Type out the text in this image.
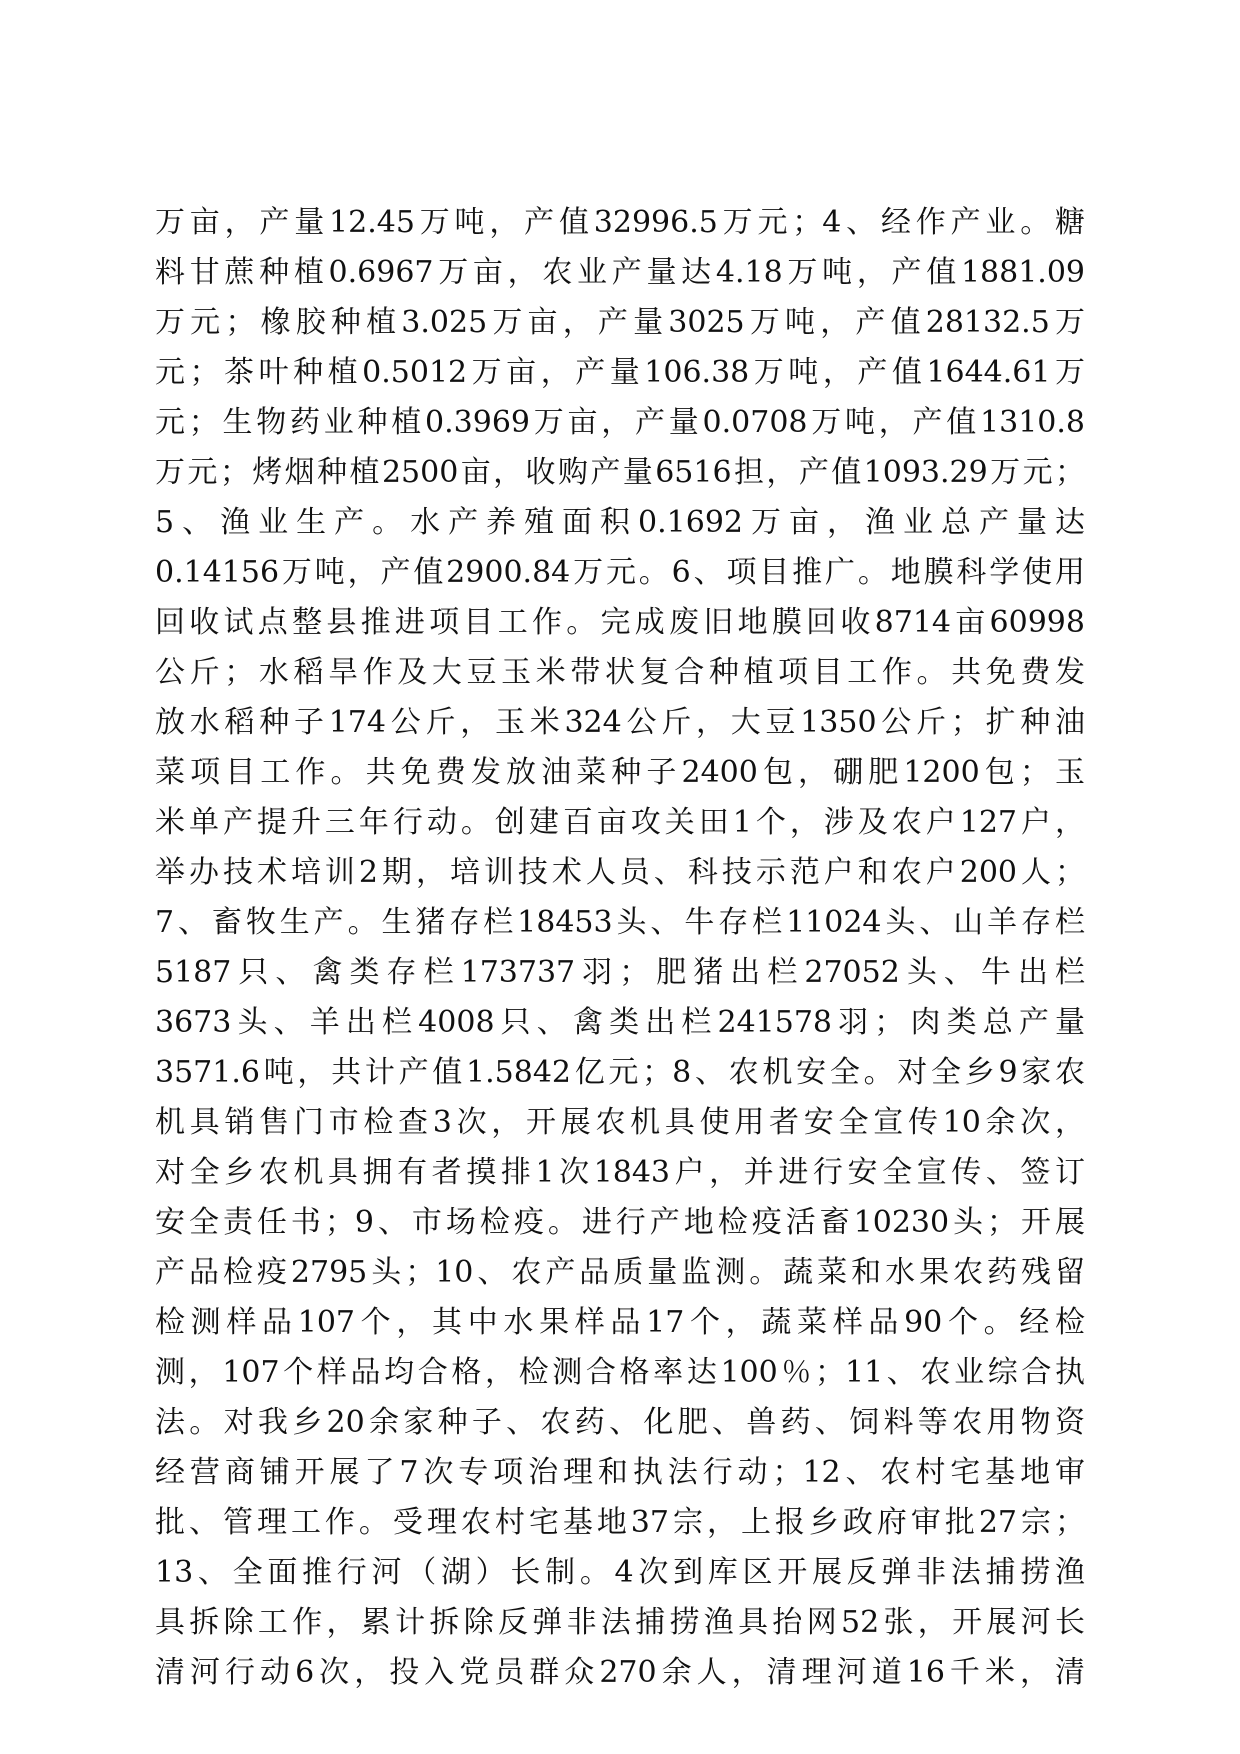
万亩，产量12.45万吨，产值32996.5万元；4、经作产业。糖
料甘蔗种植0.6967万亩，农业产量达4.18万吨，产值1881.09
万元；橡胶种植3.025万亩，产量3025万吨，产值28132.5万
元；茶叶种植0.5012万亩，产量106.38万吨，产值1644.61万
元；生物药业种植0.3969万亩，产量0.0708万吨，产值1310.8
万元；烤烟种植2500亩，收购产量6516担，产值1093.29万元；
5、渔业生产。水产养殖面积0.1692万亩，渔业总产量达
0.14156万吨，产值2900.84万元。6、项目推广。地膜科学使用
回收试点整县推进项目工作。完成废旧地膜回收8714亩60998
公斤；水稻旱作及大豆玉米带状复合种植项目工作。共免费发
放水稻种子174公斤，玉米324公斤，大豆1350公斤；扩种油
菜项目工作。共免费发放油菜种子2400包，硼肥1200包；玉
米单产提升三年行动。创建百亩攻关田1个，涉及农户127户，
举办技术培训2期，培训技术人员、科技示范户和农户200人；
7、畜牧生产。生猪存栏18453头、牛存栏11024头、山羊存栏
5187只、禽类存栏173737羽；肥猪出栏27052头、牛出栏
3673头、羊出栏4008只、禽类出栏241578羽；肉类总产量
3571.6吨，共计产值1.5842亿元；8、农机安全。对全乡9家农
机具销售门市检查3次，开展农机具使用者安全宣传10余次，
对全乡农机具拥有者摸排1次1843户，并进行安全宣传、签订
安全责任书；9、市场检疫。进行产地检疫活畜10230头；开展
产品检疫2795头；10、农产品质量监测。蔬菜和水果农药残留
检测样品107个，其中水果样品17个，蔬菜样品90个。经检
测，107个样品均合格，检测合格率达100％；11、农业综合执
法。对我乡20余家种子、农药、化肥、兽药、饲料等农用物资
经营商铺开展了7次专项治理和执法行动；12、农村宅基地审
批、管理工作。受理农村宅基地37宗，上报乡政府审批27宗；
13、全面推行河（湖）长制。4次到库区开展反弹非法捕捞渔
具拆除工作，累计拆除反弹非法捕捞渔具抬网52张，开展河长
清河行动6次，投入党员群众270余人，清理河道16千米，清
